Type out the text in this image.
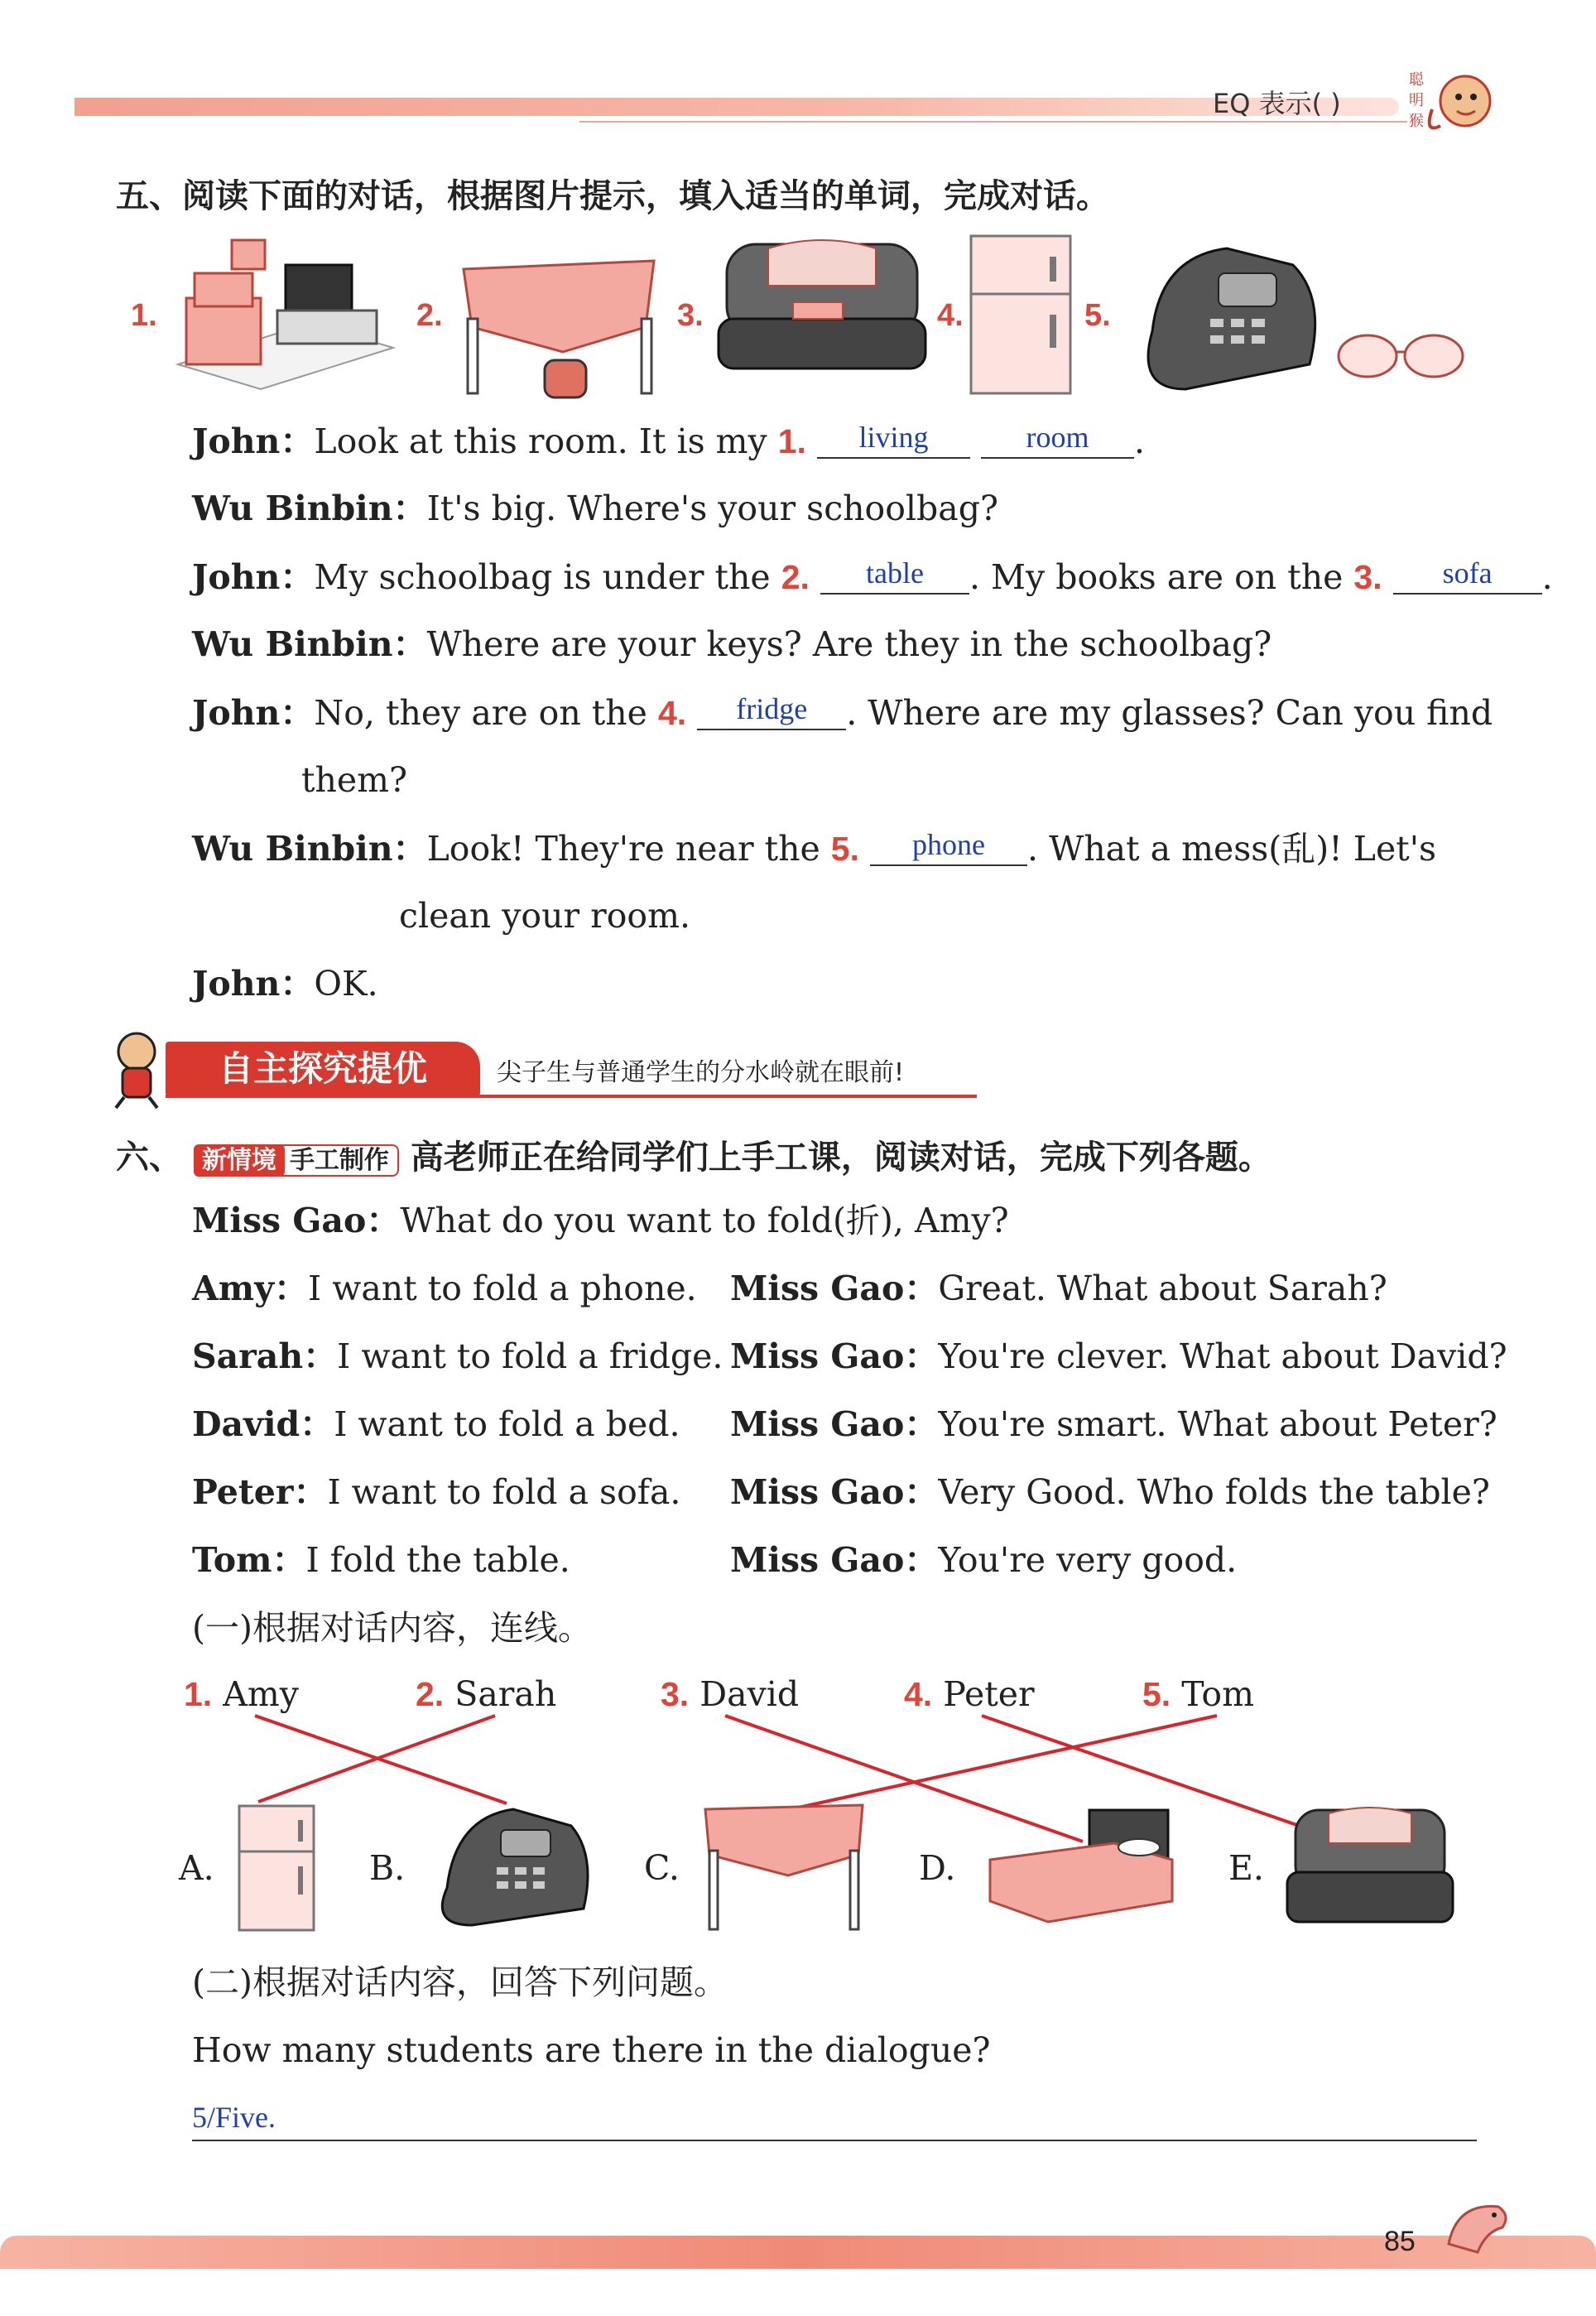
EQ 表示( )
聪
明
猴
五、阅读下面的对话，根据图片提示，填入适当的单词，完成对话。
1.	2.	3.	4.	5.
John：Look at this room. It is my 1.	living
	room	.
Wu Binbin：It's big. Where's your schoolbag?
John：My schoolbag is under the 2.	table	. My books are on the 3.	sofa	.
Wu Binbin：Where are your keys? Are they in the schoolbag?
John：No, they are on the 4.	fridge	. Where are my glasses? Can you find
them?
Wu Binbin：Look! They're near the 5.	phone	. What a mess(乱)! Let's
clean your room.
John：OK.
自主探究提优	尖子生与普通学生的分水岭就在眼前!
六、 新情境 手工制作 高老师正在给同学们上手工课，阅读对话，完成下列各题。
Miss Gao：What do you want to fold(折), Amy?
Amy：I want to fold a phone. Miss Gao：Great. What about Sarah?
Sarah：I want to fold a fridge. Miss Gao：You're clever. What about David?
David：I want to fold a bed. Miss Gao：You're smart. What about Peter?
Peter：I want to fold a sofa. Miss Gao：Very Good. Who folds the table?
Tom：I fold the table.	Miss Gao：You're very good.
(一)根据对话内容，连线。
1. Amy	2. Sarah	3. David	4. Peter	5. Tom
A.	B.	C.	D.	E.
(二)根据对话内容，回答下列问题。
How many students are there in the dialogue?
5/Five.
85
